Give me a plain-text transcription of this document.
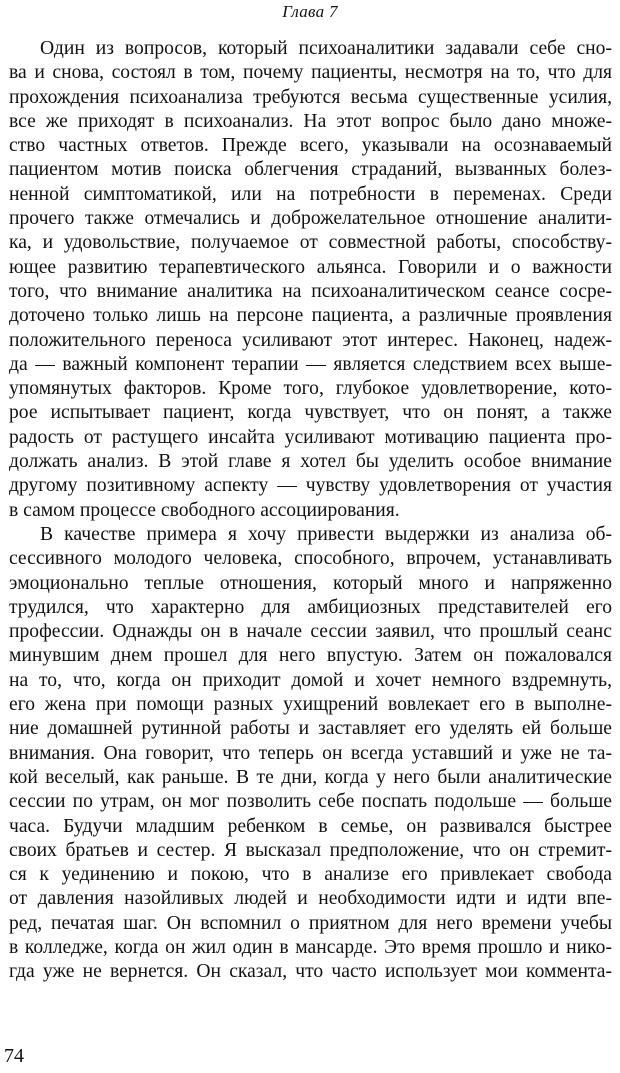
Глава 7
Один из вопросов, который психоаналитики задавали себе сно-
ва и снова, состоял в том, почему пациенты, несмотря на то, что для
прохождения психоанализа требуются весьма существенные усилия,
все же приходят в психоанализ. На этот вопрос было дано множе-
ство частных ответов. Прежде всего, указывали на осознаваемый
пациентом мотив поиска облегчения страданий, вызванных болез-
ненной симптоматикой, или на потребности в переменах. Среди
прочего также отмечались и доброжелательное отношение аналити-
ка, и удовольствие, получаемое от совместной работы, способству-
ющее развитию терапевтического альянса. Говорили и о важности
того, что внимание аналитика на психоаналитическом сеансе сосре-
доточено только лишь на персоне пациента, а различные проявления
положительного переноса усиливают этот интерес. Наконец, надеж-
да — важный компонент терапии — является следствием всех выше-
упомянутых факторов. Кроме того, глубокое удовлетворение, кото-
рое испытывает пациент, когда чувствует, что он понят, а также
радость от растущего инсайта усиливают мотивацию пациента про-
должать анализ. В этой главе я хотел бы уделить особое внимание
другому позитивному аспекту — чувству удовлетворения от участия
в самом процессе свободного ассоциирования.
В качестве примера я хочу привести выдержки из анализа об-
сессивного молодого человека, способного, впрочем, устанавливать
эмоционально теплые отношения, который много и напряженно
трудился, что характерно для амбициозных представителей его
профессии. Однажды он в начале сессии заявил, что прошлый сеанс
минувшим днем прошел для него впустую. Затем он пожаловался
на то, что, когда он приходит домой и хочет немного вздремнуть,
его жена при помощи разных ухищрений вовлекает его в выполне-
ние домашней рутинной работы и заставляет его уделять ей больше
внимания. Она говорит, что теперь он всегда уставший и уже не та-
кой веселый, как раньше. В те дни, когда у него были аналитические
сессии по утрам, он мог позволить себе поспать подольше — больше
часа. Будучи младшим ребенком в семье, он развивался быстрее
своих братьев и сестер. Я высказал предположение, что он стремит-
ся к уединению и покою, что в анализе его привлекает свобода
от давления назойливых людей и необходимости идти и идти впе-
ред, печатая шаг. Он вспомнил о приятном для него времени учебы
в колледже, когда он жил один в мансарде. Это время прошло и нико-
гда уже не вернется. Он сказал, что часто использует мои коммента-
74
